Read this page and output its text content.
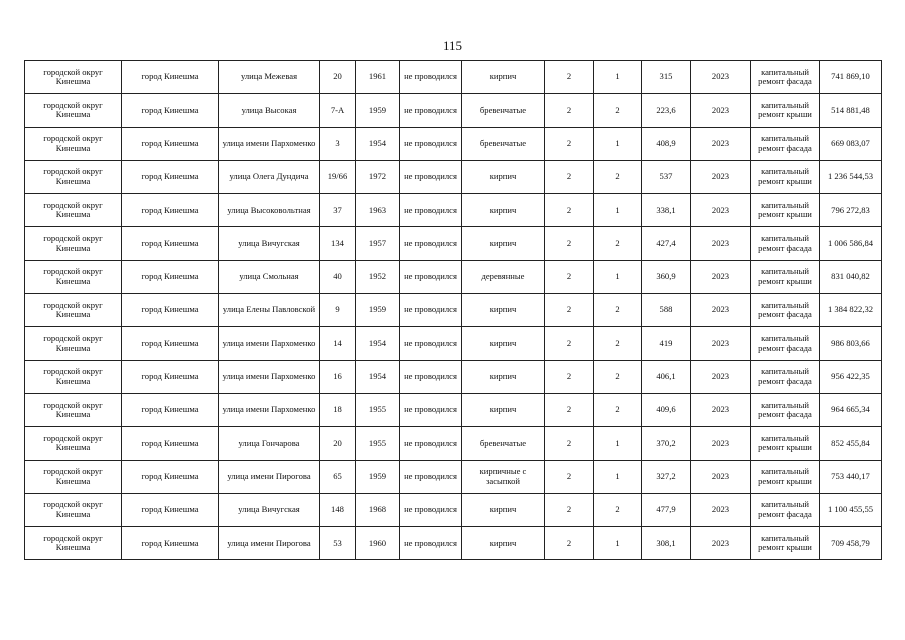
115
городской округ Кинешма	город Кинешма	улица Межевая	20	1961	не проводился	кирпич	2	1	315	2023	капитальный ремонт фасада	741 869,10
городской округ Кинешма	город Кинешма	улица Высокая	7-А	1959	не проводился	бревенчатые	2	2	223,6	2023	капитальный ремонт крыши	514 881,48
городской округ Кинешма	город Кинешма	улица имени Пархоменко	3	1954	не проводился	бревенчатые	2	1	408,9	2023	капитальный ремонт фасада	669 083,07
городской округ Кинешма	город Кинешма	улица Олега Дундича	19/66	1972	не проводился	кирпич	2	2	537	2023	капитальный ремонт крыши	1 236 544,53
городской округ Кинешма	город Кинешма	улица Высоковольтная	37	1963	не проводился	кирпич	2	1	338,1	2023	капитальный ремонт крыши	796 272,83
городской округ Кинешма	город Кинешма	улица Вичугская	134	1957	не проводился	кирпич	2	2	427,4	2023	капитальный ремонт фасада	1 006 586,84
городской округ Кинешма	город Кинешма	улица Смольная	40	1952	не проводился	деревянные	2	1	360,9	2023	капитальный ремонт крыши	831 040,82
городской округ Кинешма	город Кинешма	улица Елены Павловской	9	1959	не проводился	кирпич	2	2	588	2023	капитальный ремонт фасада	1 384 822,32
городской округ Кинешма	город Кинешма	улица имени Пархоменко	14	1954	не проводился	кирпич	2	2	419	2023	капитальный ремонт фасада	986 803,66
городской округ Кинешма	город Кинешма	улица имени Пархоменко	16	1954	не проводился	кирпич	2	2	406,1	2023	капитальный ремонт фасада	956 422,35
городской округ Кинешма	город Кинешма	улица имени Пархоменко	18	1955	не проводился	кирпич	2	2	409,6	2023	капитальный ремонт фасада	964 665,34
городской округ Кинешма	город Кинешма	улица Гончарова	20	1955	не проводился	бревенчатые	2	1	370,2	2023	капитальный ремонт крыши	852 455,84
городской округ Кинешма	город Кинешма	улица имени Пирогова	65	1959	не проводился	кирпичные с засыпкой	2	1	327,2	2023	капитальный ремонт крыши	753 440,17
городской округ Кинешма	город Кинешма	улица Вичугская	148	1968	не проводился	кирпич	2	2	477,9	2023	капитальный ремонт фасада	1 100 455,55
городской округ Кинешма	город Кинешма	улица имени Пирогова	53	1960	не проводился	кирпич	2	1	308,1	2023	капитальный ремонт крыши	709 458,79
